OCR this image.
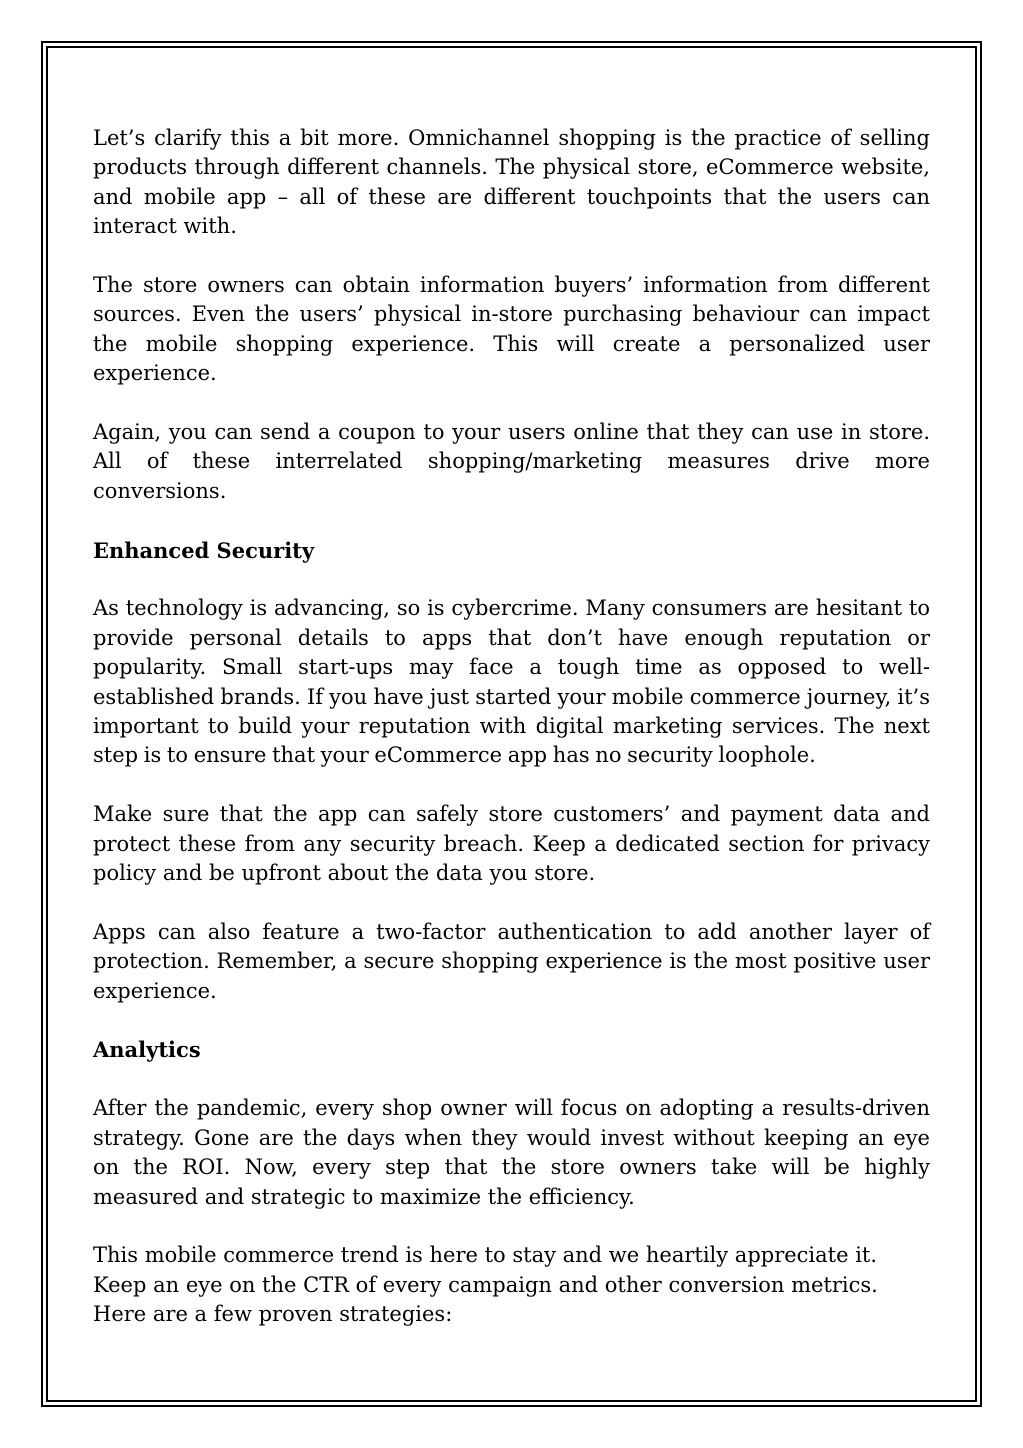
Let’s clarify this a bit more. Omnichannel shopping is the practice of selling products through different channels. The physical store, eCommerce website, and mobile app – all of these are different touchpoints that the users can interact with.

The store owners can obtain information buyers’ information from different sources. Even the users’ physical in-store purchasing behaviour can impact the mobile shopping experience. This will create a personalized user experience.

Again, you can send a coupon to your users online that they can use in store. All of these interrelated shopping/marketing measures drive more conversions.

Enhanced Security

As technology is advancing, so is cybercrime. Many consumers are hesitant to provide personal details to apps that don’t have enough reputation or popularity. Small start-ups may face a tough time as opposed to well-established brands. If you have just started your mobile commerce journey, it’s important to build your reputation with digital marketing services. The next step is to ensure that your eCommerce app has no security loophole.

Make sure that the app can safely store customers’ and payment data and protect these from any security breach. Keep a dedicated section for privacy policy and be upfront about the data you store.

Apps can also feature a two-factor authentication to add another layer of protection. Remember, a secure shopping experience is the most positive user experience.

Analytics

After the pandemic, every shop owner will focus on adopting a results-driven strategy. Gone are the days when they would invest without keeping an eye on the ROI. Now, every step that the store owners take will be highly measured and strategic to maximize the efficiency.

This mobile commerce trend is here to stay and we heartily appreciate it. Keep an eye on the CTR of every campaign and other conversion metrics. Here are a few proven strategies:
